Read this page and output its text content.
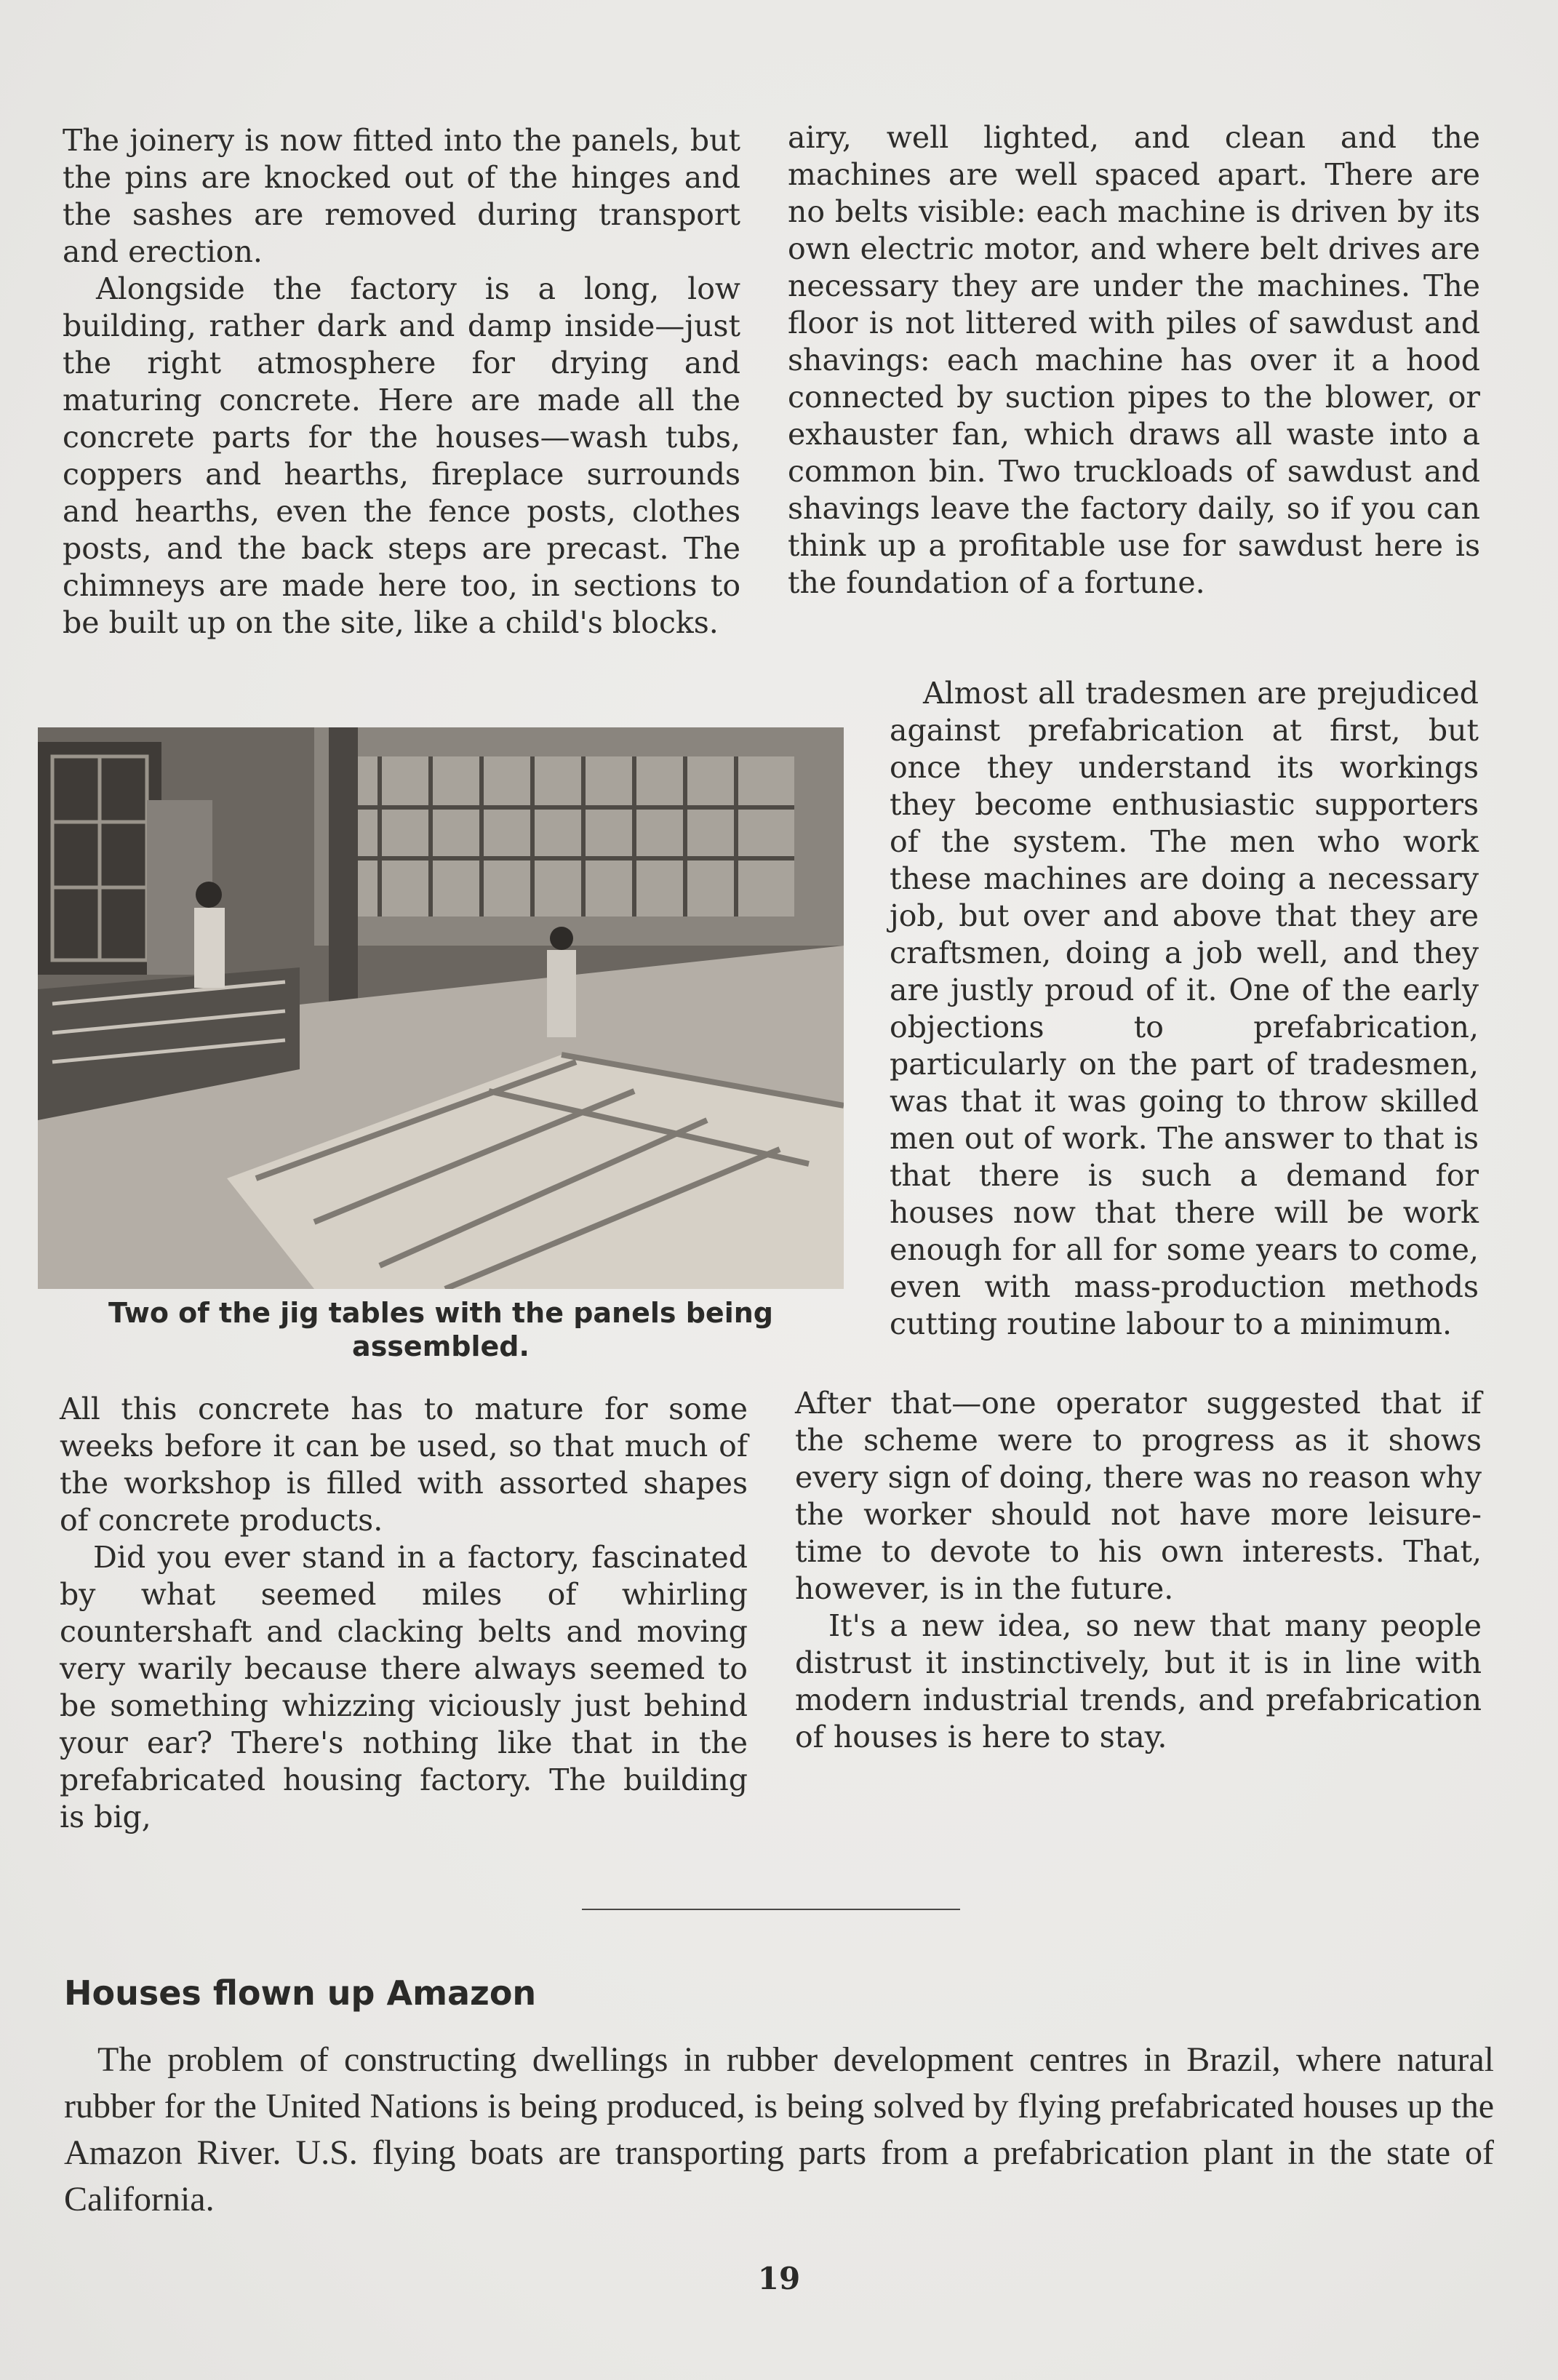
The joinery is now fitted into the panels, but the pins are knocked out of the hinges and the sashes are removed during transport and erection.

Alongside the factory is a long, low building, rather dark and damp inside—just the right atmosphere for drying and maturing concrete. Here are made all the concrete parts for the houses—wash tubs, coppers and hearths, fireplace surrounds and hearths, even the fence posts, clothes posts, and the back steps are precast. The chimneys are made here too, in sections to be built up on the site, like a child's blocks.

airy, well lighted, and clean and the machines are well spaced apart. There are no belts visible: each machine is driven by its own electric motor, and where belt drives are necessary they are under the machines. The floor is not littered with piles of sawdust and shavings: each machine has over it a hood connected by suction pipes to the blower, or exhauster fan, which draws all waste into a common bin. Two truckloads of sawdust and shavings leave the factory daily, so if you can think up a profitable use for sawdust here is the foundation of a fortune.

Almost all tradesmen are prejudiced against prefabrication at first, but once they understand its workings they become enthusiastic supporters of the system. The men who work these machines are doing a necessary job, but over and above that they are craftsmen, doing a job well, and they are justly proud of it. One of the early objections to prefabrication, particularly on the part of tradesmen, was that it was going to throw skilled men out of work. The answer to that is that there is such a demand for houses now that there will be work enough for all for some years to come, even with mass-production methods cutting routine labour to a minimum.

Two of the jig tables with the panels being assembled.

All this concrete has to mature for some weeks before it can be used, so that much of the workshop is filled with assorted shapes of concrete products.

Did you ever stand in a factory, fascinated by what seemed miles of whirling countershaft and clacking belts and moving very warily because there always seemed to be something whizzing viciously just behind your ear? There's nothing like that in the prefabricated housing factory. The building is big,

After that—one operator suggested that if the scheme were to progress as it shows every sign of doing, there was no reason why the worker should not have more leisure-time to devote to his own interests. That, however, is in the future.

It's a new idea, so new that many people distrust it instinctively, but it is in line with modern industrial trends, and prefabrication of houses is here to stay.

Houses flown up Amazon

The problem of constructing dwellings in rubber development centres in Brazil, where natural rubber for the United Nations is being produced, is being solved by flying prefabricated houses up the Amazon River. U.S. flying boats are transporting parts from a prefabrication plant in the state of California.

19
